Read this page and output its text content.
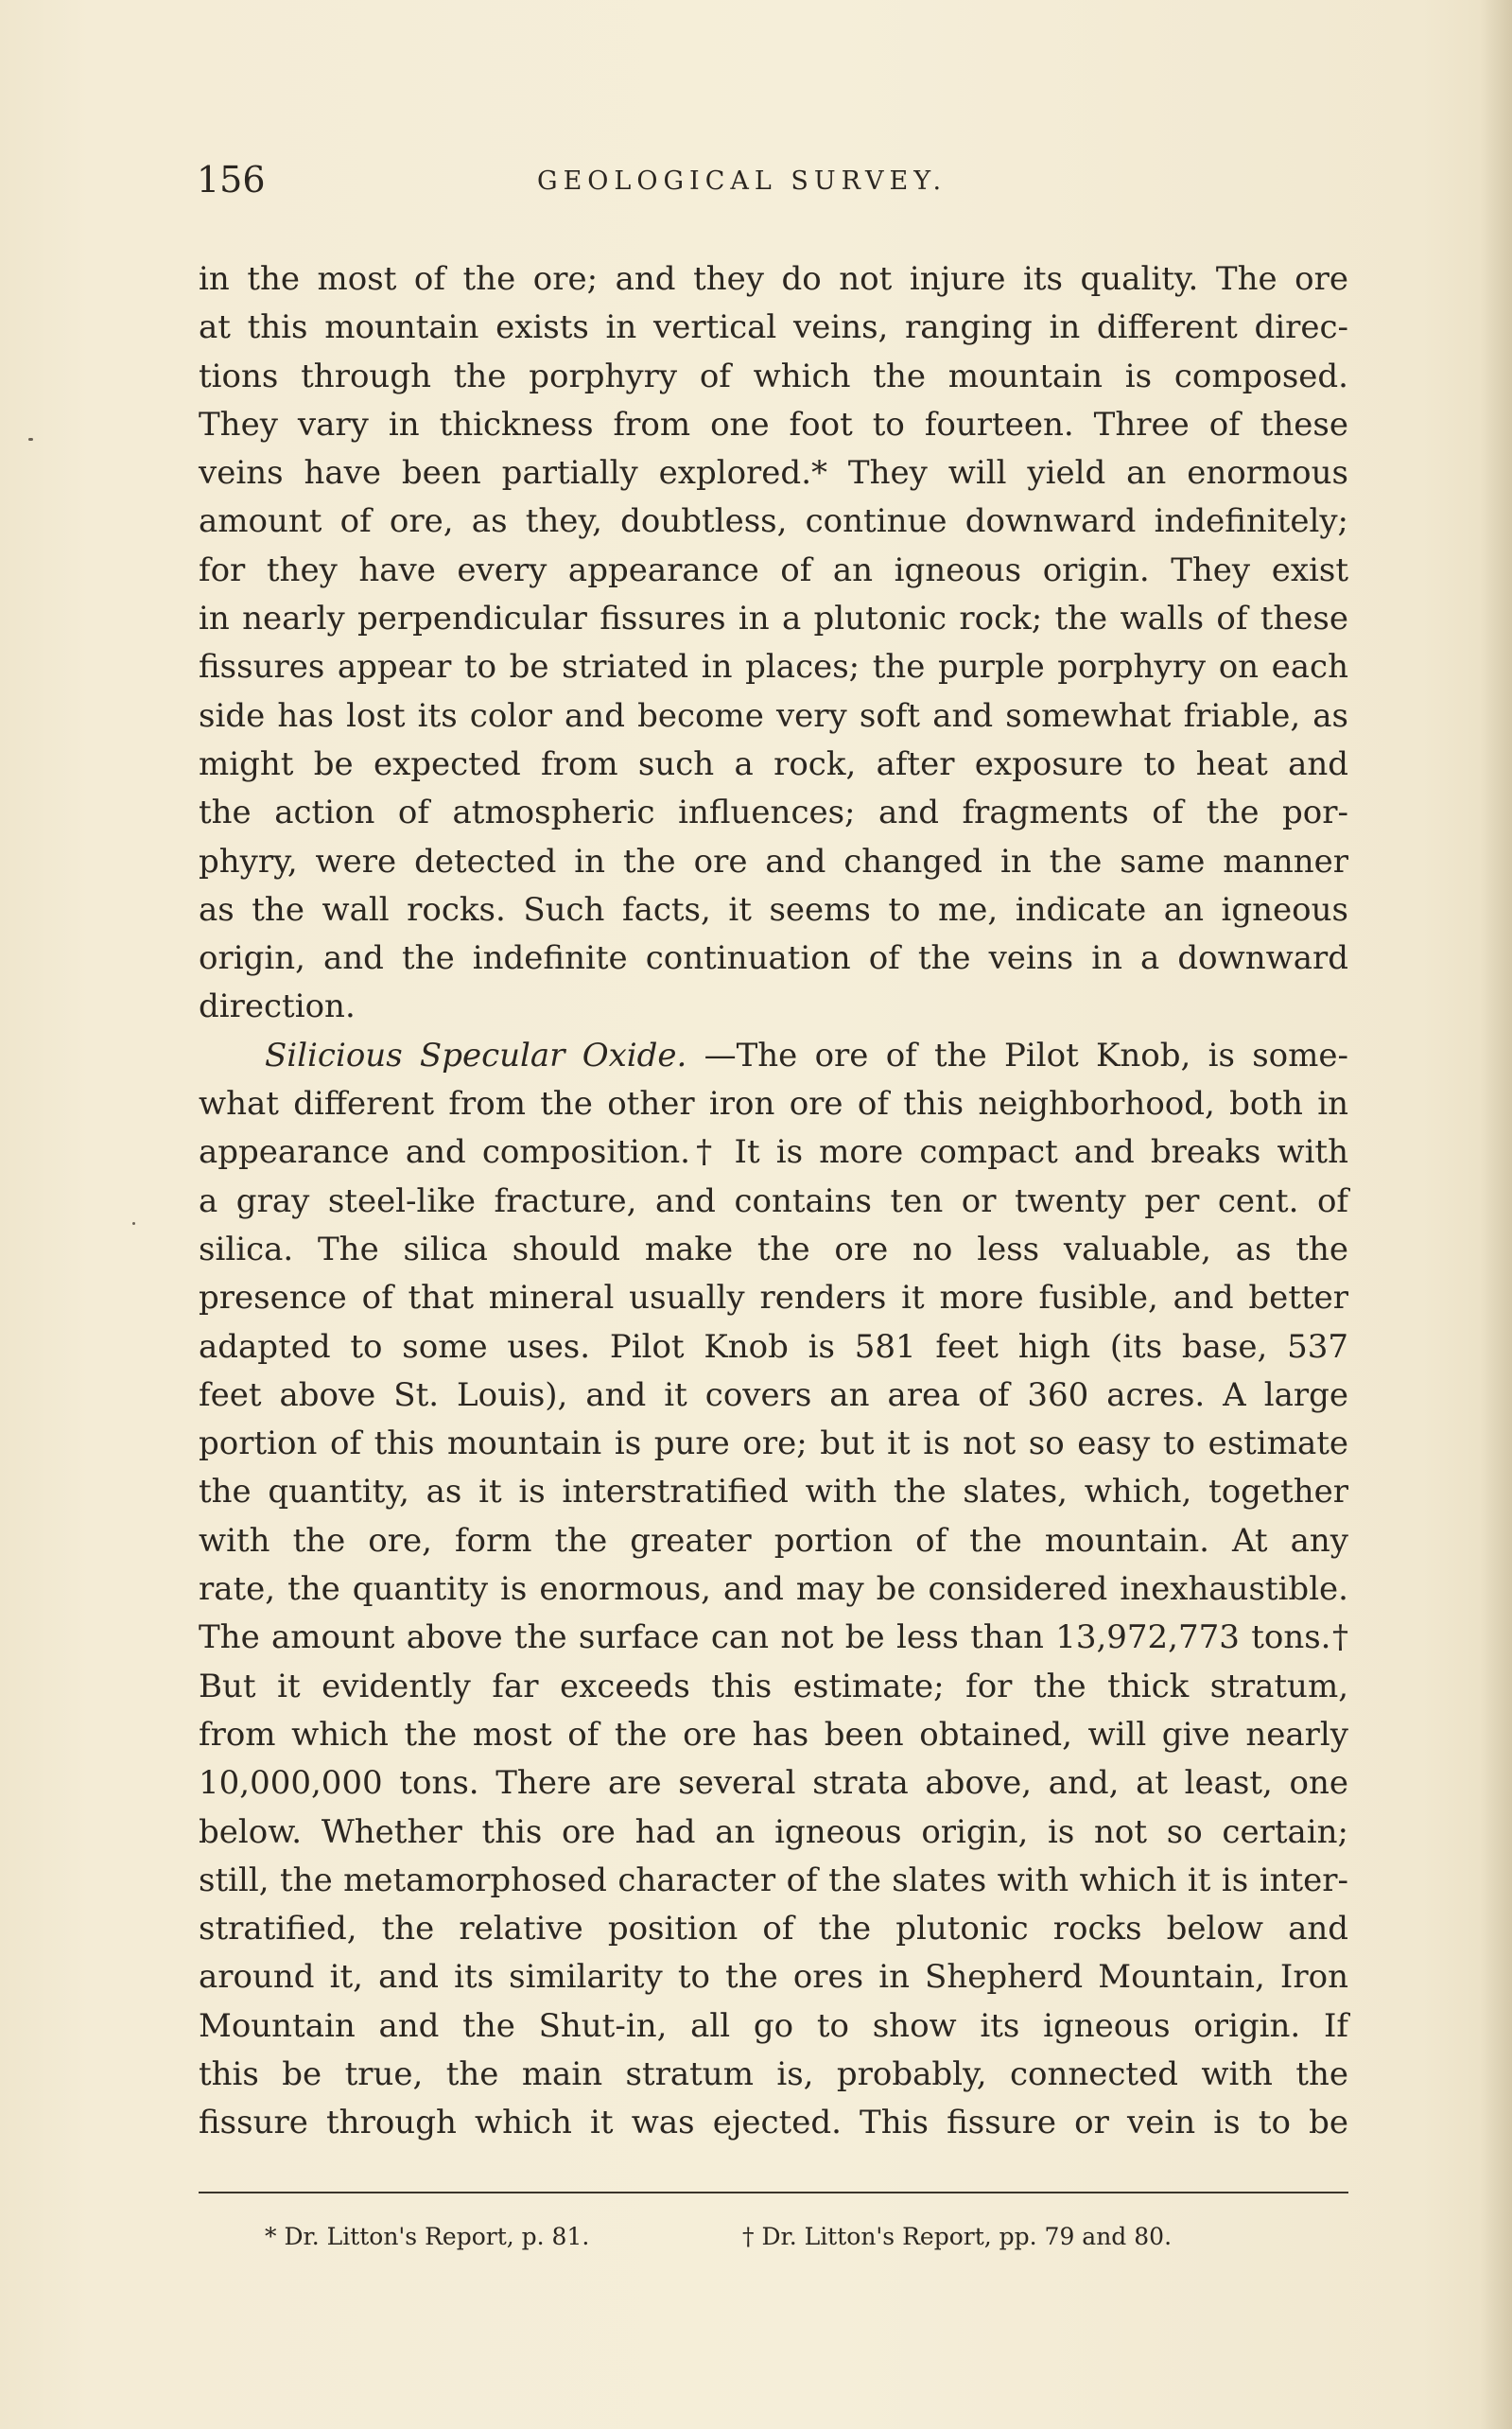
156	GEOLOGICAL SURVEY.
in the most of the ore; and they do not injure its quality. The ore
at this mountain exists in vertical veins, ranging in different direc-
tions through the porphyry of which the mountain is composed.
They vary in thickness from one foot to fourteen. Three of these
veins have been partially explored.* They will yield an enormous
amount of ore, as they, doubtless, continue downward indefinitely;
for they have every appearance of an igneous origin. They exist
in nearly perpendicular fissures in a plutonic rock; the walls of these
fissures appear to be striated in places; the purple porphyry on each
side has lost its color and become very soft and somewhat friable, as
might be expected from such a rock, after exposure to heat and
the action of atmospheric influences; and fragments of the por-
phyry, were detected in the ore and changed in the same manner
as the wall rocks. Such facts, it seems to me, indicate an igneous
origin, and the indefinite continuation of the veins in a downward
direction.
Silicious Specular Oxide. —The ore of the Pilot Knob, is some-
what different from the other iron ore of this neighborhood, both in
appearance and composition.† It is more compact and breaks with
a gray steel-like fracture, and contains ten or twenty per cent. of
silica. The silica should make the ore no less valuable, as the
presence of that mineral usually renders it more fusible, and better
adapted to some uses. Pilot Knob is 581 feet high (its base, 537
feet above St. Louis), and it covers an area of 360 acres. A large
portion of this mountain is pure ore; but it is not so easy to estimate
the quantity, as it is interstratified with the slates, which, together
with the ore, form the greater portion of the mountain. At any
rate, the quantity is enormous, and may be considered inexhaustible.
The amount above the surface can not be less than 13,972,773 tons.†
But it evidently far exceeds this estimate; for the thick stratum,
from which the most of the ore has been obtained, will give nearly
10,000,000 tons. There are several strata above, and, at least, one
below. Whether this ore had an igneous origin, is not so certain;
still, the metamorphosed character of the slates with which it is inter-
stratified, the relative position of the plutonic rocks below and
around it, and its similarity to the ores in Shepherd Mountain, Iron
Mountain and the Shut-in, all go to show its igneous origin. If
this be true, the main stratum is, probably, connected with the
fissure through which it was ejected. This fissure or vein is to be
* Dr. Litton's Report, p. 81.	† Dr. Litton's Report, pp. 79 and 80.
